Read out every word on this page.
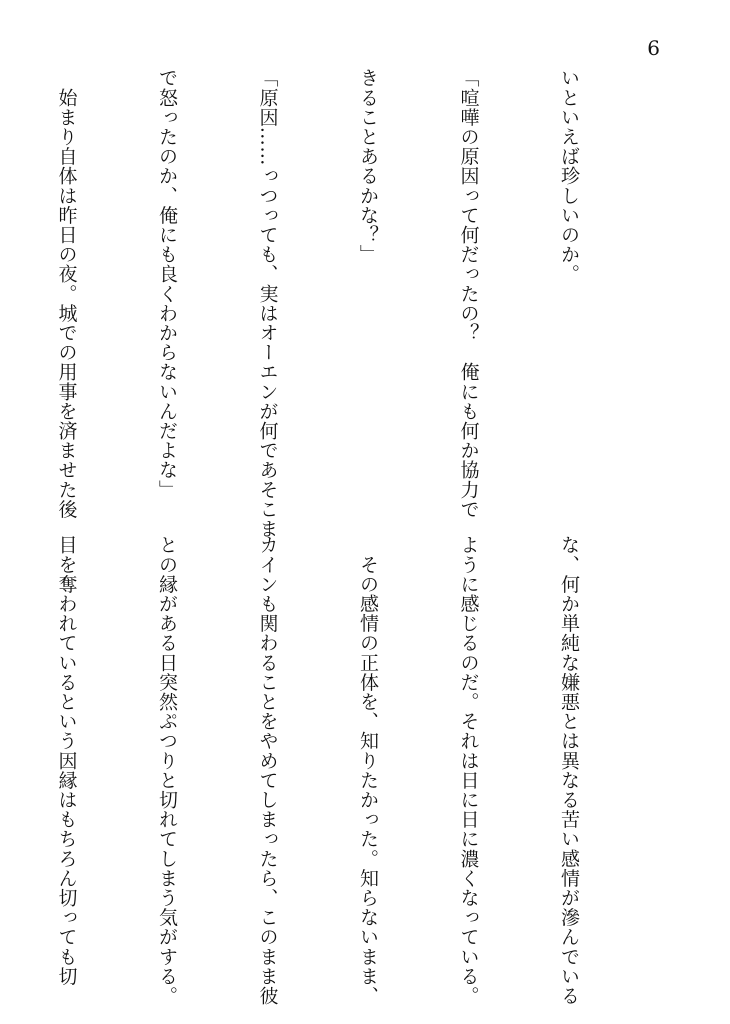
6

いといえば珍しいのか。

「喧嘩の原因って何だったの？　俺にも何か協力で

きることあるかな？」

「原因……っつっても、実はオーエンが何であそこま

で怒ったのか、俺にも良くわからないんだよな」

　始まり自体は昨日の夜。城での用事を済ませた後

な、何か単純な嫌悪とは異なる苦い感情が滲んでいる

ように感じるのだ。それは日に日に濃くなっている。

　その感情の正体を、知りたかった。知らないまま、

カインも関わることをやめてしまったら、このまま彼

との縁がある日突然ぷつりと切れてしまう気がする。

目を奪われているという因縁はもちろん切っても切
